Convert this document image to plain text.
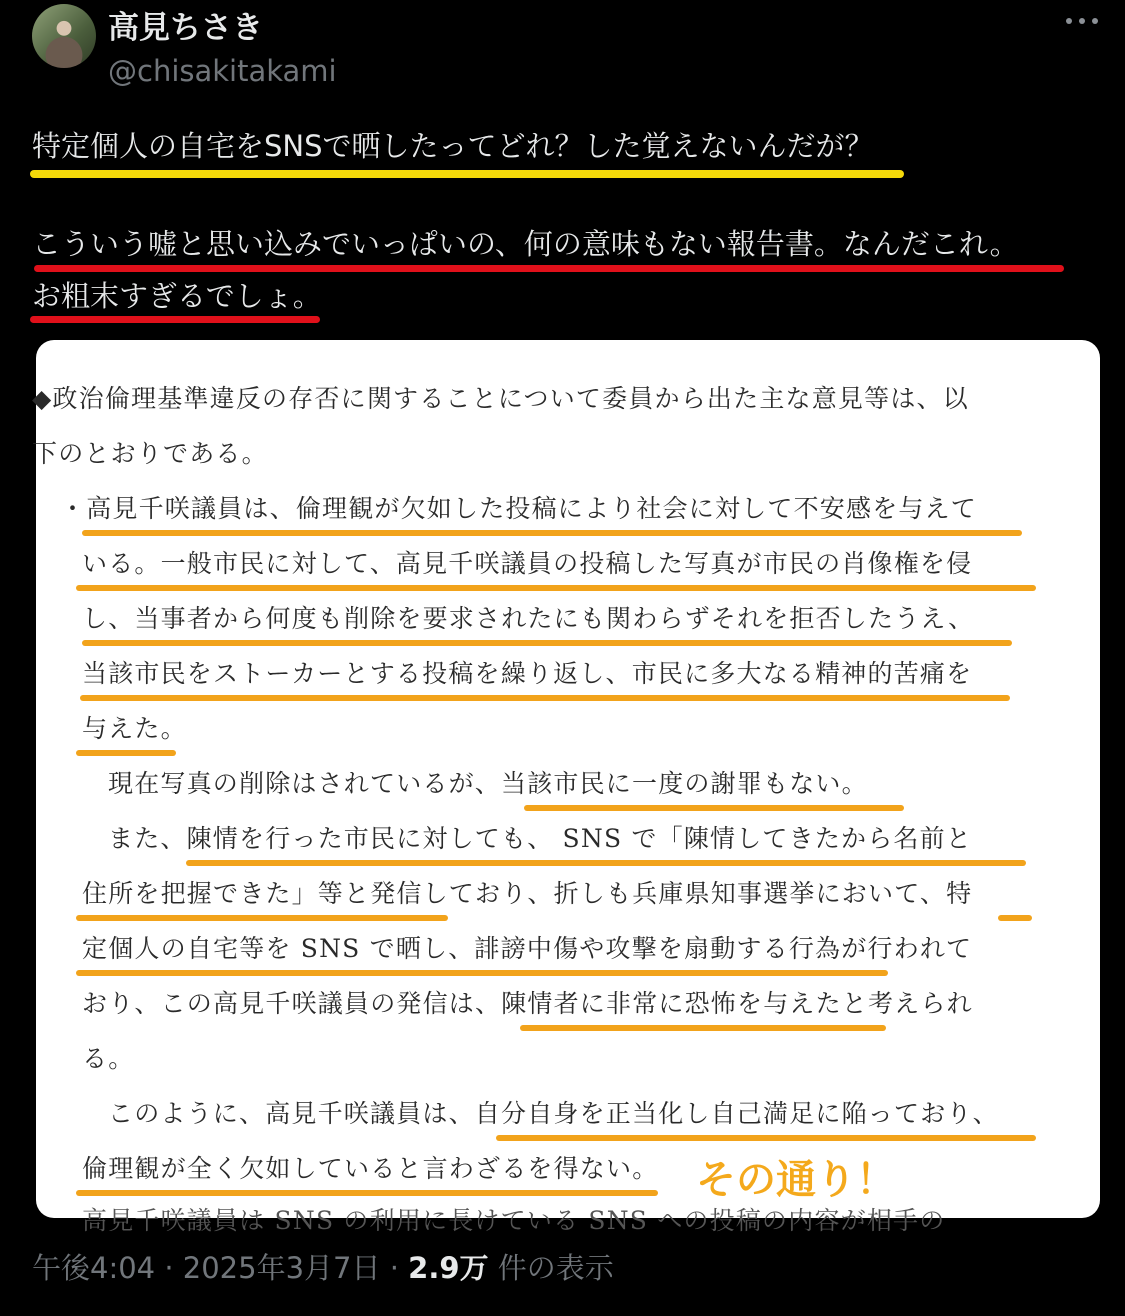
高見ちさき
@chisakitakami
特定個人の自宅をSNSで晒したってどれ？した覚えないんだが？
こういう嘘と思い込みでいっぱいの、何の意味もない報告書。なんだこれ。
お粗末すぎるでしょ。
◆政治倫理基準違反の存否に関することについて委員から出た主な意見等は、以
下のとおりである。
・高見千咲議員は、倫理観が欠如した投稿により社会に対して不安感を与えて
いる。一般市民に対して、高見千咲議員の投稿した写真が市民の肖像権を侵
し、当事者から何度も削除を要求されたにも関わらずそれを拒否したうえ、
当該市民をストーカーとする投稿を繰り返し、市民に多大なる精神的苦痛を
与えた。
現在写真の削除はされているが、当該市民に一度の謝罪もない。
また、陳情を行った市民に対しても、 SNS で「陳情してきたから名前と
住所を把握できた」等と発信しており、折しも兵庫県知事選挙において、特
定個人の自宅等を SNS で晒し、誹謗中傷や攻撃を扇動する行為が行われて
おり、この高見千咲議員の発信は、陳情者に非常に恐怖を与えたと考えられ
る。
このように、高見千咲議員は、自分自身を正当化し自己満足に陥っており、
倫理観が全く欠如していると言わざるを得ない。
高見千咲議員は SNS の利用に長けている SNS への投稿の内容が相手の
その通り！
午後4:04 · 2025年3月7日 · 2.9万 件の表示
